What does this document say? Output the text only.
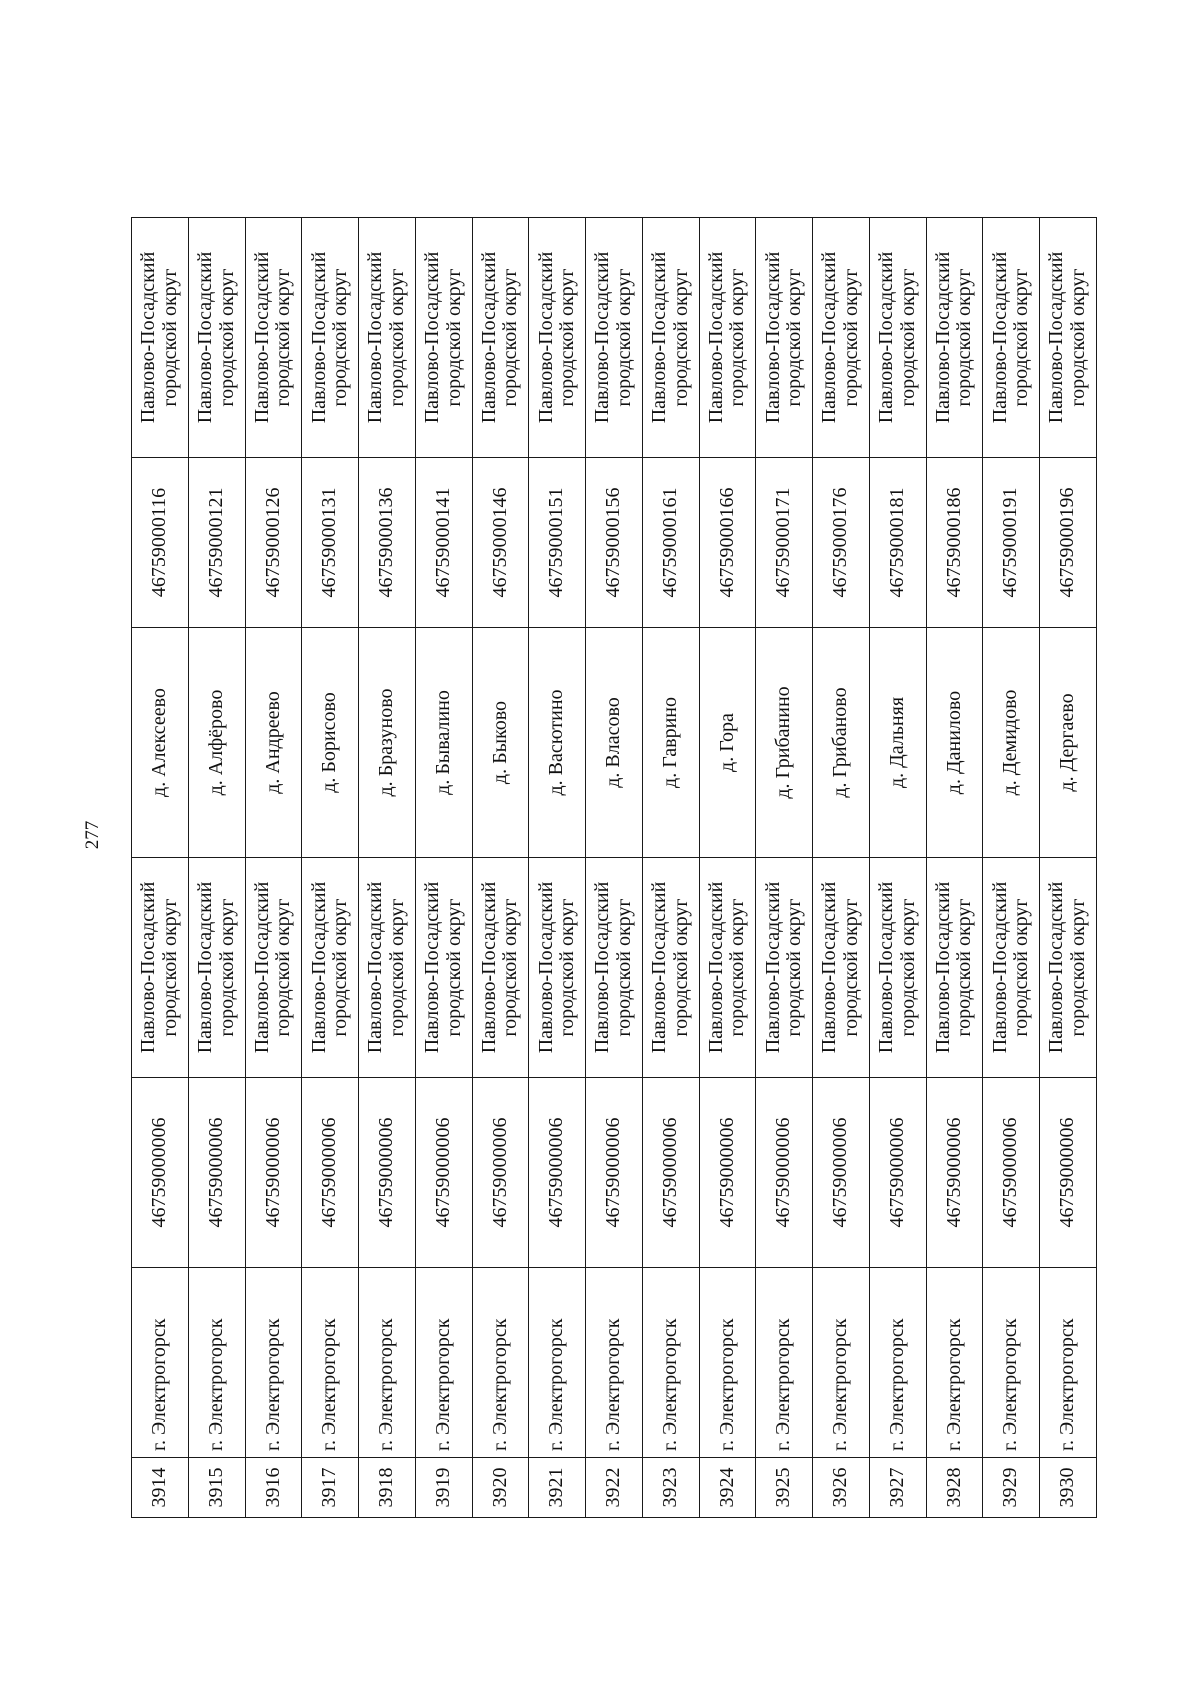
277
3914	г. Электрогорск	46759000006	Павлово-Посадский городской округ	д. Алексеево	46759000116	Павлово-Посадский городской округ
3915	г. Электрогорск	46759000006	Павлово-Посадский городской округ	д. Алфёрово	46759000121	Павлово-Посадский городской округ
3916	г. Электрогорск	46759000006	Павлово-Посадский городской округ	д. Андреево	46759000126	Павлово-Посадский городской округ
3917	г. Электрогорск	46759000006	Павлово-Посадский городской округ	д. Борисово	46759000131	Павлово-Посадский городской округ
3918	г. Электрогорск	46759000006	Павлово-Посадский городской округ	д. Бразуново	46759000136	Павлово-Посадский городской округ
3919	г. Электрогорск	46759000006	Павлово-Посадский городской округ	д. Бывалино	46759000141	Павлово-Посадский городской округ
3920	г. Электрогорск	46759000006	Павлово-Посадский городской округ	д. Быково	46759000146	Павлово-Посадский городской округ
3921	г. Электрогорск	46759000006	Павлово-Посадский городской округ	д. Васютино	46759000151	Павлово-Посадский городской округ
3922	г. Электрогорск	46759000006	Павлово-Посадский городской округ	д. Власово	46759000156	Павлово-Посадский городской округ
3923	г. Электрогорск	46759000006	Павлово-Посадский городской округ	д. Гаврино	46759000161	Павлово-Посадский городской округ
3924	г. Электрогорск	46759000006	Павлово-Посадский городской округ	д. Гора	46759000166	Павлово-Посадский городской округ
3925	г. Электрогорск	46759000006	Павлово-Посадский городской округ	д. Грибанино	46759000171	Павлово-Посадский городской округ
3926	г. Электрогорск	46759000006	Павлово-Посадский городской округ	д. Грибаново	46759000176	Павлово-Посадский городской округ
3927	г. Электрогорск	46759000006	Павлово-Посадский городской округ	д. Дальняя	46759000181	Павлово-Посадский городской округ
3928	г. Электрогорск	46759000006	Павлово-Посадский городской округ	д. Данилово	46759000186	Павлово-Посадский городской округ
3929	г. Электрогорск	46759000006	Павлово-Посадский городской округ	д. Демидово	46759000191	Павлово-Посадский городской округ
3930	г. Электрогорск	46759000006	Павлово-Посадский городской округ	д. Дергаево	46759000196	Павлово-Посадский городской округ
